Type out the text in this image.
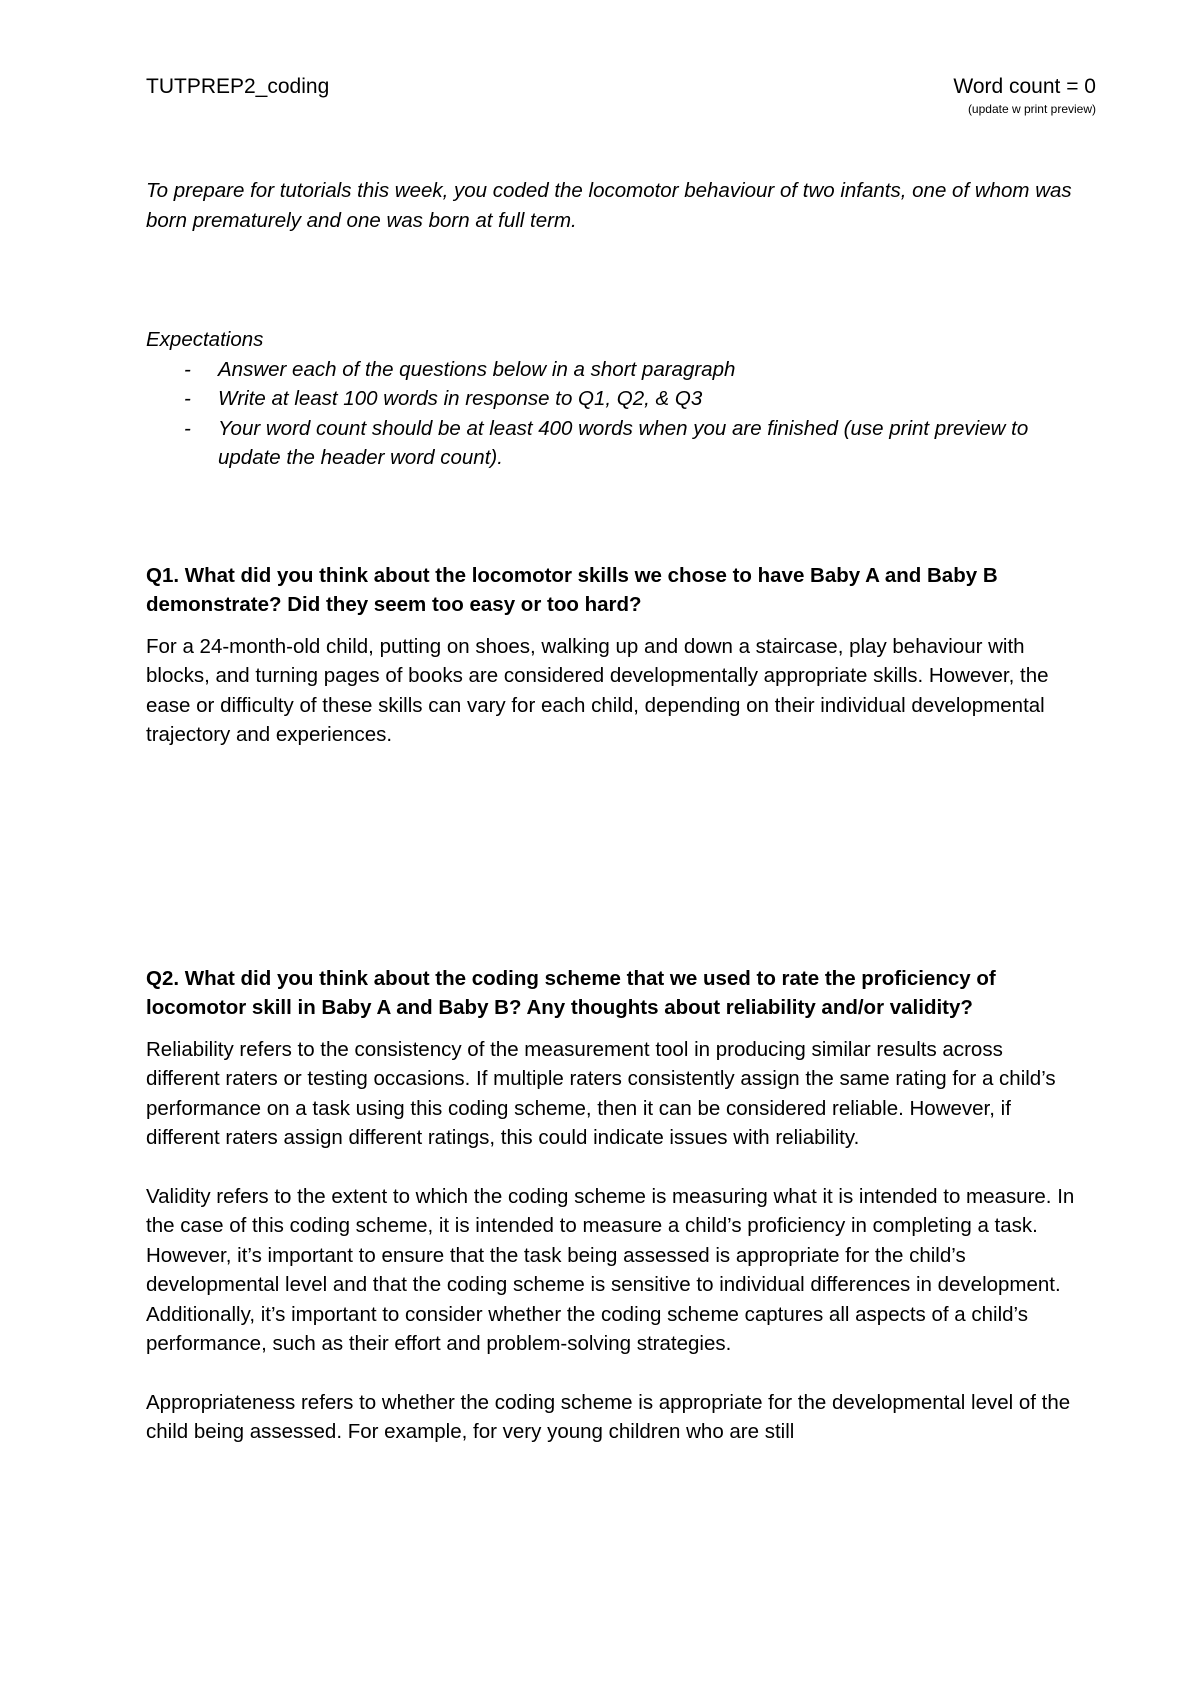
TUTPREP2_coding	Word count = 0
(update w print preview)

To prepare for tutorials this week, you coded the locomotor behaviour of two infants, one of whom was born prematurely and one was born at full term.

Expectations

- Answer each of the questions below in a short paragraph
- Write at least 100 words in response to Q1, Q2, & Q3
- Your word count should be at least 400 words when you are finished (use print preview to update the header word count).

Q1. What did you think about the locomotor skills we chose to have Baby A and Baby B demonstrate? Did they seem too easy or too hard?

For a 24-month-old child, putting on shoes, walking up and down a staircase, play behaviour with blocks, and turning pages of books are considered developmentally appropriate skills. However, the ease or difficulty of these skills can vary for each child, depending on their individual developmental trajectory and experiences.

Q2. What did you think about the coding scheme that we used to rate the proficiency of locomotor skill in Baby A and Baby B? Any thoughts about reliability and/or validity?

Reliability refers to the consistency of the measurement tool in producing similar results across different raters or testing occasions. If multiple raters consistently assign the same rating for a child’s performance on a task using this coding scheme, then it can be considered reliable. However, if different raters assign different ratings, this could indicate issues with reliability.

Validity refers to the extent to which the coding scheme is measuring what it is intended to measure. In the case of this coding scheme, it is intended to measure a child’s proficiency in completing a task. However, it’s important to ensure that the task being assessed is appropriate for the child’s developmental level and that the coding scheme is sensitive to individual differences in development. Additionally, it’s important to consider whether the coding scheme captures all aspects of a child’s performance, such as their effort and problem-solving strategies.

Appropriateness refers to whether the coding scheme is appropriate for the developmental level of the child being assessed. For example, for very young children who are still
